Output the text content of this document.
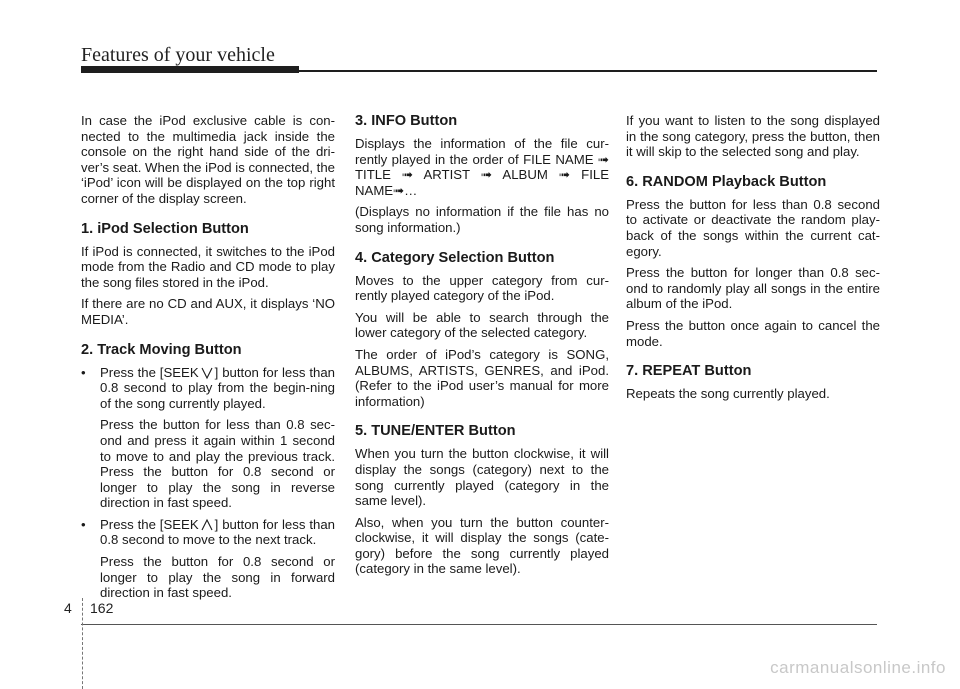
Features of your vehicle

In case the iPod exclusive cable is con-nected to the multimedia jack inside the console on the right hand side of the dri-ver’s seat. When the iPod is connected, the ‘iPod’ icon will be displayed on the top right corner of the display screen.

1. iPod Selection Button

If iPod is connected, it switches to the iPod mode from the Radio and CD mode to play the song files stored in the iPod.

If there are no CD and AUX, it displays ‘NO MEDIA’.

2. Track Moving Button
• Press the [SEEK ] button for less than 0.8 second to play from the begin-ning of the song currently played.

Press the button for less than 0.8 sec-ond and press it again within 1 second to move to and play the previous track. Press the button for 0.8 second or longer to play the song in reverse direction in fast speed.

• Press the [SEEK ] button for less than 0.8 second to move to the next track.

Press the button for 0.8 second or longer to play the song in forward direction in fast speed.

3. INFO Button

Displays the information of the file cur-rently played in the order of FILE NAME ➟ TITLE ➟ ARTIST ➟ ALBUM ➟ FILE NAME➟…

(Displays no information if the file has no song information.)

4. Category Selection Button

Moves to the upper category from cur-rently played category of the iPod.

You will be able to search through the lower category of the selected category.

The order of iPod’s category is SONG, ALBUMS, ARTISTS, GENRES, and iPod. (Refer to the iPod user’s manual for more information)

5. TUNE/ENTER Button

When you turn the button clockwise, it will display the songs (category) next to the song currently played (category in the same level).

Also, when you turn the button counter-clockwise, it will display the songs (cate-gory) before the song currently played (category in the same level).

If you want to listen to the song displayed in the song category, press the button, then it will skip to the selected song and play.

6. RANDOM Playback Button

Press the button for less than 0.8 second to activate or deactivate the random play-back of the songs within the current cat-egory.

Press the button for longer than 0.8 sec-ond to randomly play all songs in the entire album of the iPod.

Press the button once again to cancel the mode.

7. REPEAT Button

Repeats the song currently played.

4 162
carmanualsonline.info
